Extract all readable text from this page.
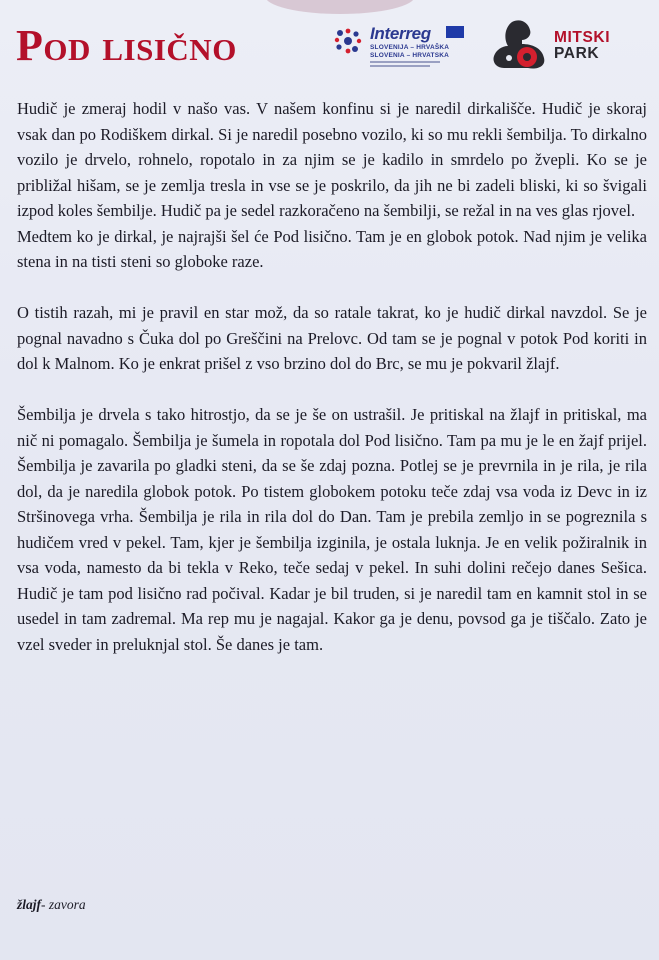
Pod lisično	Interreg
SLOVENIJA – HRVAŠKA
SLOVENIA – HRVATSKA
MITSKI
PARK

Hudič je zmeraj hodil v našo vas. V našem konfinu si je naredil dirkališče. Hudič je skoraj vsak dan po Rodiškem dirkal. Si je naredil posebno vozilo, ki so mu rekli šembilja. To dirkalno vozilo je drvelo, rohnelo, ropotalo in za njim se je kadilo in smrdelo po žvepli. Ko se je približal hišam, se je zemlja tresla in vse se je poskrilo, da jih ne bi zadeli bliski, ki so švigali izpod koles šembilje. Hudič pa je sedel razkoračeno na šembilji, se režal in na ves glas rjovel.

Medtem ko je dirkal, je najrajši šel će Pod lisično. Tam je en globok potok. Nad njim je velika stena in na tisti steni so globoke raze.

O tistih razah, mi je pravil en star mož, da so ratale takrat, ko je hudič dirkal navzdol. Se je pognal navadno s Čuka dol po Greščini na Prelovc. Od tam se je pognal v potok Pod koriti in dol k Malnom. Ko je enkrat prišel z vso brzino dol do Brc, se mu je pokvaril žlajf.

Šembilja je drvela s tako hitrostjo, da se je še on ustrašil. Je pritiskal na žlajf in pritiskal, ma nič ni pomagalo. Šembilja je šumela in ropotala dol Pod lisično. Tam pa mu je le en žajf prijel. Šembilja je zavarila po gladki steni, da se še zdaj pozna. Potlej se je prevrnila in je rila, je rila dol, da je naredila globok potok. Po tistem globokem potoku teče zdaj vsa voda iz Devc in iz Stršinovega vrha. Šembilja je rila in rila dol do Dan. Tam je prebila zemljo in se pogreznila s hudičem vred v pekel. Tam, kjer je šembilja izginila, je ostala luknja. Je en velik požiralnik in vsa voda, namesto da bi tekla v Reko, teče sedaj v pekel. In suhi dolini rečejo danes Sešica. Hudič je tam pod lisično rad počival. Kadar je bil truden, si je naredil tam en kamnit stol in se usedel in tam zadremal. Ma rep mu je nagajal. Kakor ga je denu, povsod ga je tiščalo. Zato je vzel sveder in preluknjal stol. Še danes je tam.

žlajf- zavora
